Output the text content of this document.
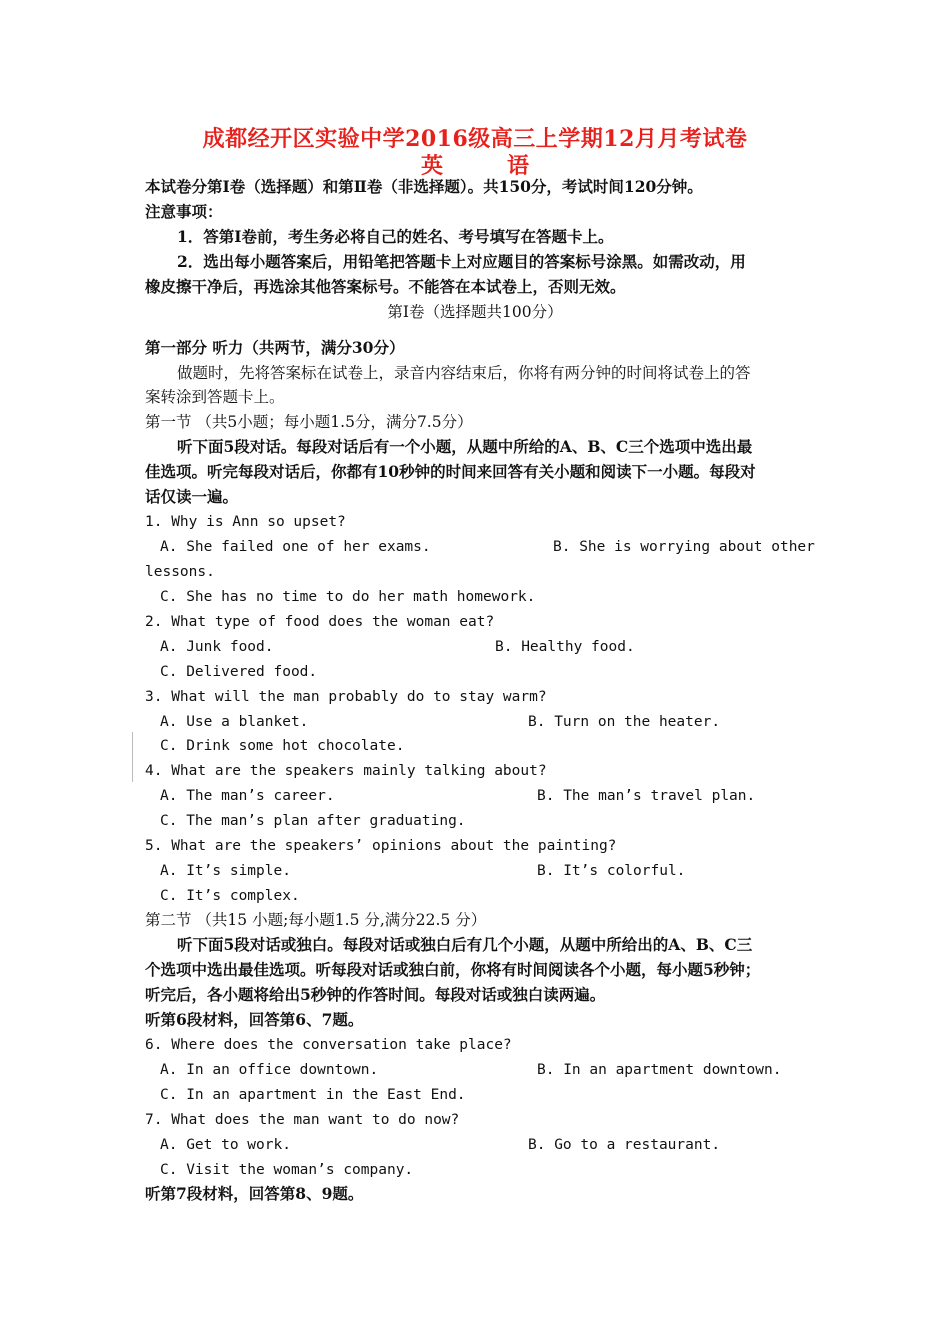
成都经开区实验中学2016级高三上学期12月月考试卷
英	语
本试卷分第Ⅰ卷（选择题）和第Ⅱ卷（非选择题）。共150分，考试时间120分钟。
注意事项：
1．答第Ⅰ卷前，考生务必将自己的姓名、考号填写在答题卡上。
2．选出每小题答案后，用铅笔把答题卡上对应题目的答案标号涂黑。如需改动，用
橡皮擦干净后，再选涂其他答案标号。不能答在本试卷上，否则无效。
第Ⅰ卷（选择题共100分）
第一部分 听力（共两节，满分30分）
做题时，先将答案标在试卷上，录音内容结束后，你将有两分钟的时间将试卷上的答
案转涂到答题卡上。
第一节 （共5小题；每小题1.5分，满分7.5分）
听下面5段对话。每段对话后有一个小题，从题中所给的A、B、C三个选项中选出最
佳选项。听完每段对话后，你都有10秒钟的时间来回答有关小题和阅读下一小题。每段对
话仅读一遍。
1. Why is Ann so upset?
A. She failed one of her exams.	B. She is worrying about other
lessons.
C. She has no time to do her math homework.
2. What type of food does the woman eat?
A. Junk food.	B. Healthy food.
C. Delivered food.
3. What will the man probably do to stay warm?
A. Use a blanket.	B. Turn on the heater.
C. Drink some hot chocolate.
4. What are the speakers mainly talking about?
A. The man’s career.	B. The man’s travel plan.
C. The man’s plan after graduating.
5. What are the speakers’ opinions about the painting?
A. It’s simple.	B. It’s colorful.
C. It’s complex.
第二节 （共15 小题;每小题1.5 分,满分22.5 分）
听下面5段对话或独白。每段对话或独白后有几个小题，从题中所给出的A、B、C三
个选项中选出最佳选项。听每段对话或独白前，你将有时间阅读各个小题，每小题5秒钟；
听完后，各小题将给出5秒钟的作答时间。每段对话或独白读两遍。
听第6段材料，回答第6、7题。
6. Where does the conversation take place?
A. In an office downtown.	B. In an apartment downtown.
C. In an apartment in the East End.
7. What does the man want to do now?
A. Get to work.	B. Go to a restaurant.
C. Visit the woman’s company.
听第7段材料，回答第8、9题。
